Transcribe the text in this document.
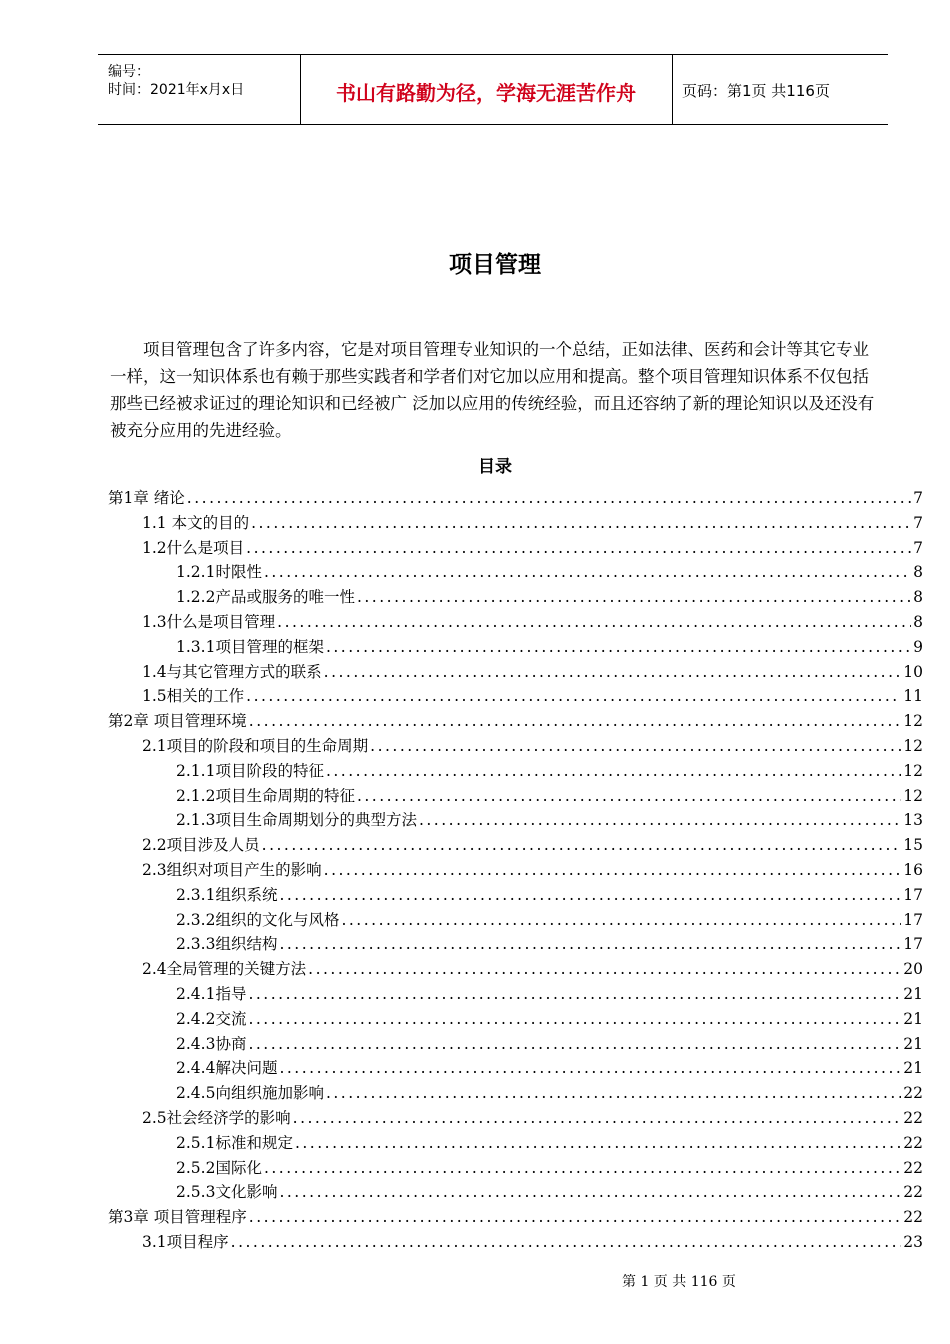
编号：
时间：2021年x月x日	书山有路勤为径，学海无涯苦作舟	页码：第1页 共116页
项目管理
项目管理包含了许多内容，它是对项目管理专业知识的一个总结，正如法律、医药和会计等其它专业一样，这一知识体系也有赖于那些实践者和学者们对它加以应用和提高。整个项目管理知识体系不仅包括那些已经被求证过的理论知识和已经被广 泛加以应用的传统经验，而且还容纳了新的理论知识以及还没有被充分应用的先进经验。
目录
第1章 绪论 .....	7
1.1 本文的目的 .....	7
1.2什么是项目 .....	7
1.2.1时限性 .....	8
1.2.2产品或服务的唯一性 .....	8
1.3什么是项目管理 .....	8
1.3.1项目管理的框架 .....	9
1.4与其它管理方式的联系 .....	10
1.5相关的工作 .....	11
第2章 项目管理环境 .....	12
2.1项目的阶段和项目的生命周期 .....	12
2.1.1项目阶段的特征 .....	12
2.1.2项目生命周期的特征 .....	12
2.1.3项目生命周期划分的典型方法 .....	13
2.2项目涉及人员 .....	15
2.3组织对项目产生的影响 .....	16
2.3.1组织系统 .....	17
2.3.2组织的文化与风格 .....	17
2.3.3组织结构 .....	17
2.4全局管理的关键方法 .....	20
2.4.1指导 .....	21
2.4.2交流 .....	21
2.4.3协商 .....	21
2.4.4解决问题 .....	21
2.4.5向组织施加影响 .....	22
2.5社会经济学的影响 .....	22
2.5.1标准和规定 .....	22
2.5.2国际化 .....	22
2.5.3文化影响 .....	22
第3章 项目管理程序 .....	22
3.1项目程序 .....	23
第 1 页 共 116 页
